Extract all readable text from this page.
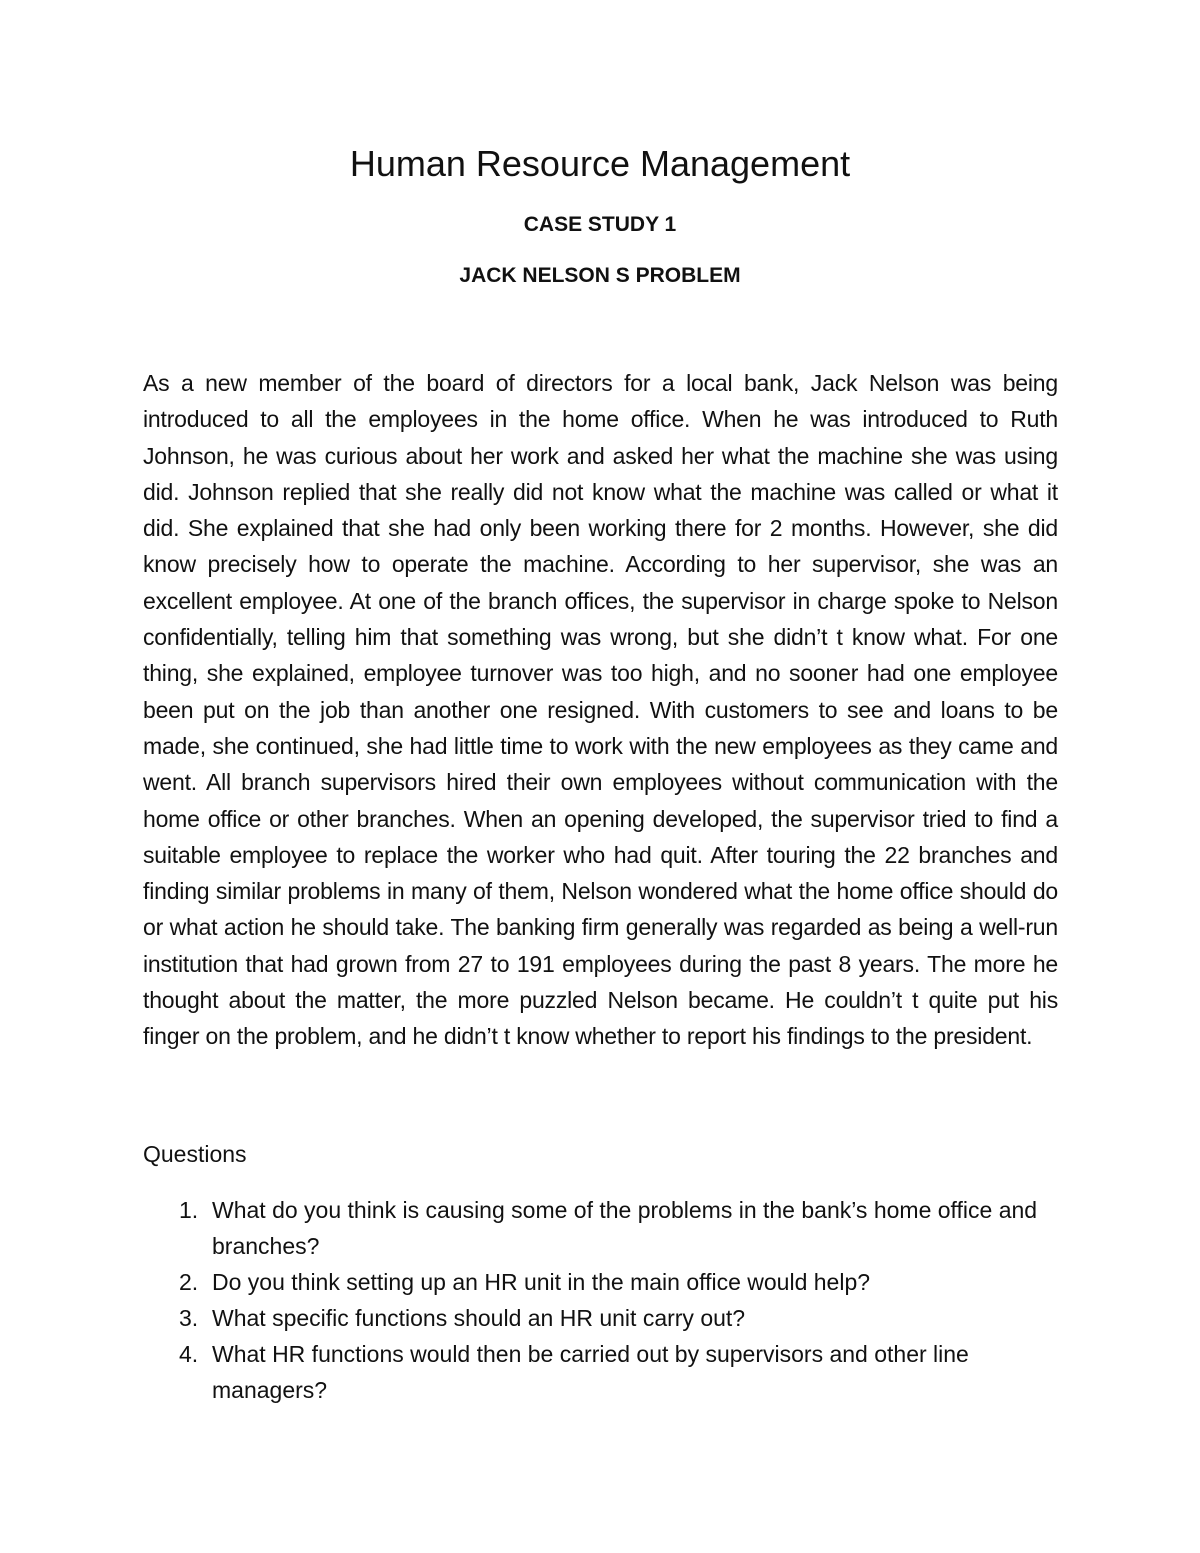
Human Resource Management
CASE STUDY 1
JACK NELSON S PROBLEM

As a new member of the board of directors for a local bank, Jack Nelson was being introduced to all the employees in the home office. When he was introduced to Ruth Johnson, he was curious about her work and asked her what the machine she was using did. Johnson replied that she really did not know what the machine was called or what it did. She explained that she had only been working there for 2 months. However, she did know precisely how to operate the machine. According to her supervisor, she was an excellent employee. At one of the branch offices, the supervisor in charge spoke to Nelson confidentially, telling him that something was wrong, but she didn’t t know what. For one thing, she explained, employee turnover was too high, and no sooner had one employee been put on the job than another one resigned. With customers to see and loans to be made, she continued, she had little time to work with the new employees as they came and went. All branch supervisors hired their own employees without communication with the home office or other branches. When an opening developed, the supervisor tried to find a suitable employee to replace the worker who had quit. After touring the 22 branches and finding similar problems in many of them, Nelson wondered what the home office should do or what action he should take. The banking firm generally was regarded as being a well-run institution that had grown from 27 to 191 employees during the past 8 years. The more he thought about the matter, the more puzzled Nelson became. He couldn’t t quite put his finger on the problem, and he didn’t t know whether to report his findings to the president.

Questions
1. What do you think is causing some of the problems in the bank’s home office and branches?
2. Do you think setting up an HR unit in the main office would help?
3. What specific functions should an HR unit carry out?
4. What HR functions would then be carried out by supervisors and other line managers?
